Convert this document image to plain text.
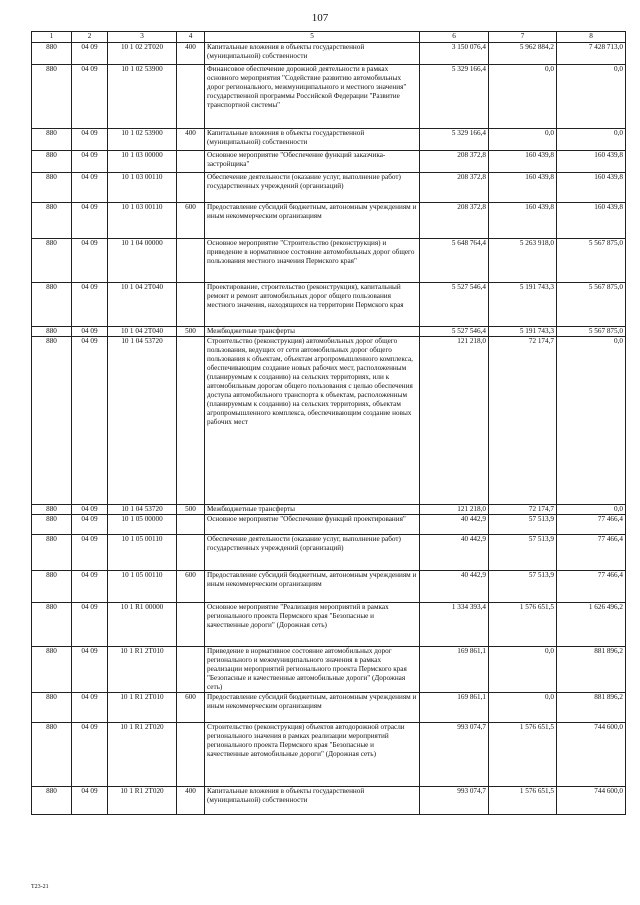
107
1	2	3	4	5	6	7	8
880	04 09	10 1 02 2T020	400	Капитальные вложения в объекты государственной (муниципальной) собственности	3 150 076,4	5 962 884,2	7 428 713,0
880	04 09	10 1 02 53900		Финансовое обеспечение дорожной деятельности в рамках основного мероприятия "Содействие развитию автомобильных дорог регионального, межмуниципального и местного значения" государственной программы Российской Федерации "Развитие транспортной системы"	5 329 166,4	0,0	0,0
880	04 09	10 1 02 53900	400	Капитальные вложения в объекты государственной (муниципальной) собственности	5 329 166,4	0,0	0,0
880	04 09	10 1 03 00000		Основное мероприятие "Обеспечение функций заказчика-застройщика"	208 372,8	160 439,8	160 439,8
880	04 09	10 1 03 00110		Обеспечение деятельности (оказание услуг, выполнение работ) государственных учреждений (организаций)	208 372,8	160 439,8	160 439,8
880	04 09	10 1 03 00110	600	Предоставление субсидий бюджетным, автономным учреждениям и иным некоммерческим организациям	208 372,8	160 439,8	160 439,8
880	04 09	10 1 04 00000		Основное мероприятие "Строительство (реконструкция) и приведение в нормативное состояние автомобильных дорог общего пользования местного значения Пермского края"	5 648 764,4	5 263 918,0	5 567 875,0
880	04 09	10 1 04 2T040		Проектирование, строительство (реконструкция), капитальный ремонт и ремонт автомобильных дорог общего пользования местного значения, находящихся на территории Пермского края	5 527 546,4	5 191 743,3	5 567 875,0
880	04 09	10 1 04 2T040	500	Межбюджетные трансферты	5 527 546,4	5 191 743,3	5 567 875,0
880	04 09	10 1 04 53720		Строительство (реконструкция) автомобильных дорог общего пользования, ведущих от сети автомобильных дорог общего пользования к объектам, объектам агропромышленного комплекса, обеспечивающим создание новых рабочих мест, расположенным (планируемым к созданию) на сельских территориях, или к автомобильным дорогам общего пользования с целью обеспечения доступа автомобильного транспорта к объектам, расположенным (планируемым к созданию) на сельских территориях, объектам агропромышленного комплекса, обеспечивающим создание новых рабочих мест	121 218,0	72 174,7	0,0
880	04 09	10 1 04 53720	500	Межбюджетные трансферты	121 218,0	72 174,7	0,0
880	04 09	10 1 05 00000		Основное мероприятие "Обеспечение функций проектирования"	40 442,9	57 513,9	77 466,4
880	04 09	10 1 05 00110		Обеспечение деятельности (оказание услуг, выполнение работ) государственных учреждений (организаций)	40 442,9	57 513,9	77 466,4
880	04 09	10 1 05 00110	600	Предоставление субсидий бюджетным, автономным учреждениям и иным некоммерческим организациям	40 442,9	57 513,9	77 466,4
880	04 09	10 1 R1 00000		Основное мероприятие "Реализация мероприятий в рамках регионального проекта Пермского края "Безопасные и качественные дороги" (Дорожная сеть)	1 334 393,4	1 576 651,5	1 626 496,2
880	04 09	10 1 R1 2T010		Приведение в нормативное состояние автомобильных дорог регионального и межмуниципального значения в рамках реализации мероприятий регионального проекта Пермского края "Безопасные и качественные автомобильные дороги" (Дорожная сеть)	169 861,1	0,0	881 896,2
880	04 09	10 1 R1 2T010	600	Предоставление субсидий бюджетным, автономным учреждениям и иным некоммерческим организациям	169 861,1	0,0	881 896,2
880	04 09	10 1 R1 2T020		Строительство (реконструкция) объектов автодорожной отрасли регионального значения в рамках реализации мероприятий регионального проекта Пермского края "Безопасные и качественные автомобильные дороги" (Дорожная сеть)	993 074,7	1 576 651,5	744 600,0
880	04 09	10 1 R1 2T020	400	Капитальные вложения в объекты государственной (муниципальной) собственности	993 074,7	1 576 651,5	744 600,0
T23-21
